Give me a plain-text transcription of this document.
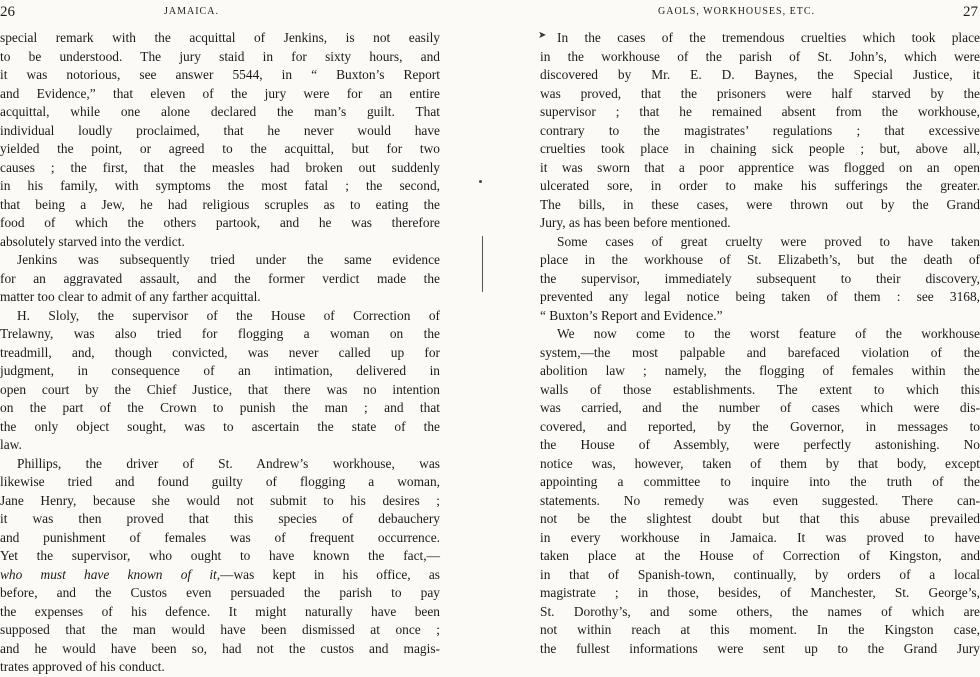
26	JAMAICA.
special remark with the acquittal of Jenkins, is not easily
to be understood. The jury staid in for sixty hours, and
it was notorious, see answer 5544, in “ Buxton’s Report
and Evidence,” that eleven of the jury were for an entire
acquittal, while one alone declared the man’s guilt. That
individual loudly proclaimed, that he never would have
yielded the point, or agreed to the acquittal, but for two
causes ; the first, that the measles had broken out suddenly
in his family, with symptoms the most fatal ; the second,
that being a Jew, he had religious scruples as to eating the
food of which the others partook, and he was therefore
absolutely starved into the verdict.
Jenkins was subsequently tried under the same evidence
for an aggravated assault, and the former verdict made the
matter too clear to admit of any farther acquittal.
H. Sloly, the supervisor of the House of Correction of
Trelawny, was also tried for flogging a woman on the
treadmill, and, though convicted, was never called up for
judgment, in consequence of an intimation, delivered in
open court by the Chief Justice, that there was no intention
on the part of the Crown to punish the man ; and that
the only object sought, was to ascertain the state of the
law.
Phillips, the driver of St. Andrew’s workhouse, was
likewise tried and found guilty of flogging a woman,
Jane Henry, because she would not submit to his desires ;
it was then proved that this species of debauchery
and punishment of females was of frequent occurrence.
Yet the supervisor, who ought to have known the fact,—
who must have known of it,—was kept in his office, as
before, and the Custos even persuaded the parish to pay
the expenses of his defence. It might naturally have been
supposed that the man would have been dismissed at once ;
and he would have been so, had not the custos and magis-
trates approved of his conduct.
➤
27
GAOLS, WORKHOUSES, ETC.
In the cases of the tremendous cruelties which took place
in the workhouse of the parish of St. John’s, which were
discovered by Mr. E. D. Baynes, the Special Justice, it
was proved, that the prisoners were half starved by the
supervisor ; that he remained absent from the workhouse,
contrary to the magistrates’ regulations ; that excessive
cruelties took place in chaining sick people ; but, above all,
it was sworn that a poor apprentice was flogged on an open
ulcerated sore, in order to make his sufferings the greater.
The bills, in these cases, were thrown out by the Grand
Jury, as has been before mentioned.
Some cases of great cruelty were proved to have taken
place in the workhouse of St. Elizabeth’s, but the death of
the supervisor, immediately subsequent to their discovery,
prevented any legal notice being taken of them : see 3168,
“ Buxton’s Report and Evidence.”
We now come to the worst feature of the workhouse
system,—the most palpable and barefaced violation of the
abolition law ; namely, the flogging of females within the
walls of those establishments. The extent to which this
was carried, and the number of cases which were dis-
covered, and reported, by the Governor, in messages to
the House of Assembly, were perfectly astonishing. No
notice was, however, taken of them by that body, except
appointing a committee to inquire into the truth of the
statements. No remedy was even suggested. There can-
not be the slightest doubt but that this abuse prevailed
in every workhouse in Jamaica. It was proved to have
taken place at the House of Correction of Kingston, and
in that of Spanish-town, continually, by orders of a local
magistrate ; in those, besides, of Manchester, St. George’s,
St. Dorothy’s, and some others, the names of which are
not within reach at this moment. In the Kingston case,
the fullest informations were sent up to the Grand Jury
